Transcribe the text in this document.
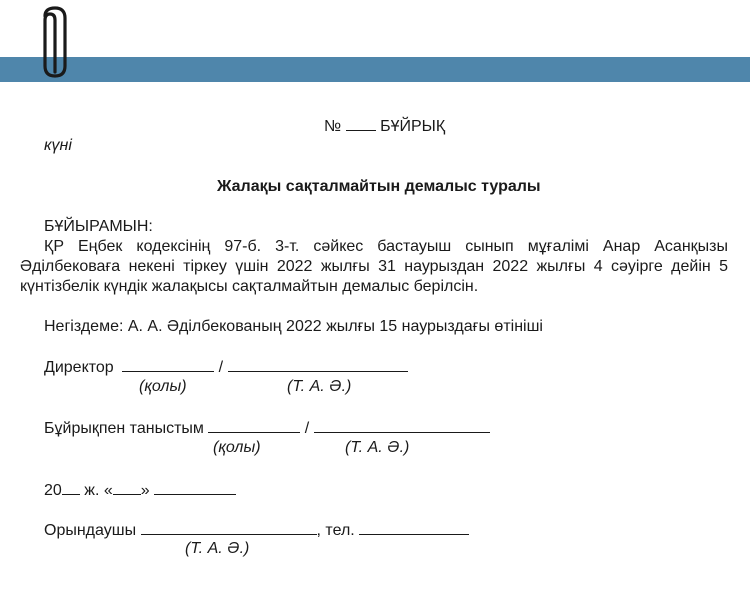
№ БҰЙРЫҚ
күні
Жалақы сақталмайтын демалыс туралы
БҰЙЫРАМЫН:
ҚР Еңбек кодексінің 97-б. 3-т. сәйкес бастауыш сынып мұғалімі Анар Асанқызы
Әділбековаға некені тіркеу үшін 2022 жылғы 31 наурыздан 2022 жылғы 4 сәуірге дейін 5
күнтізбелік күндік жалақысы сақталмайтын демалыс берілсін.
Негіздеме: А. А. Әділбекованың 2022 жылғы 15 наурыздағы өтініші
Директор	/
(қолы)	(Т. А. Ә.)
Бұйрықпен таныстым	/
(қолы)	(Т. А. Ә.)
20 ж. « »
Орындаушы	, тел.
(Т. А. Ә.)
